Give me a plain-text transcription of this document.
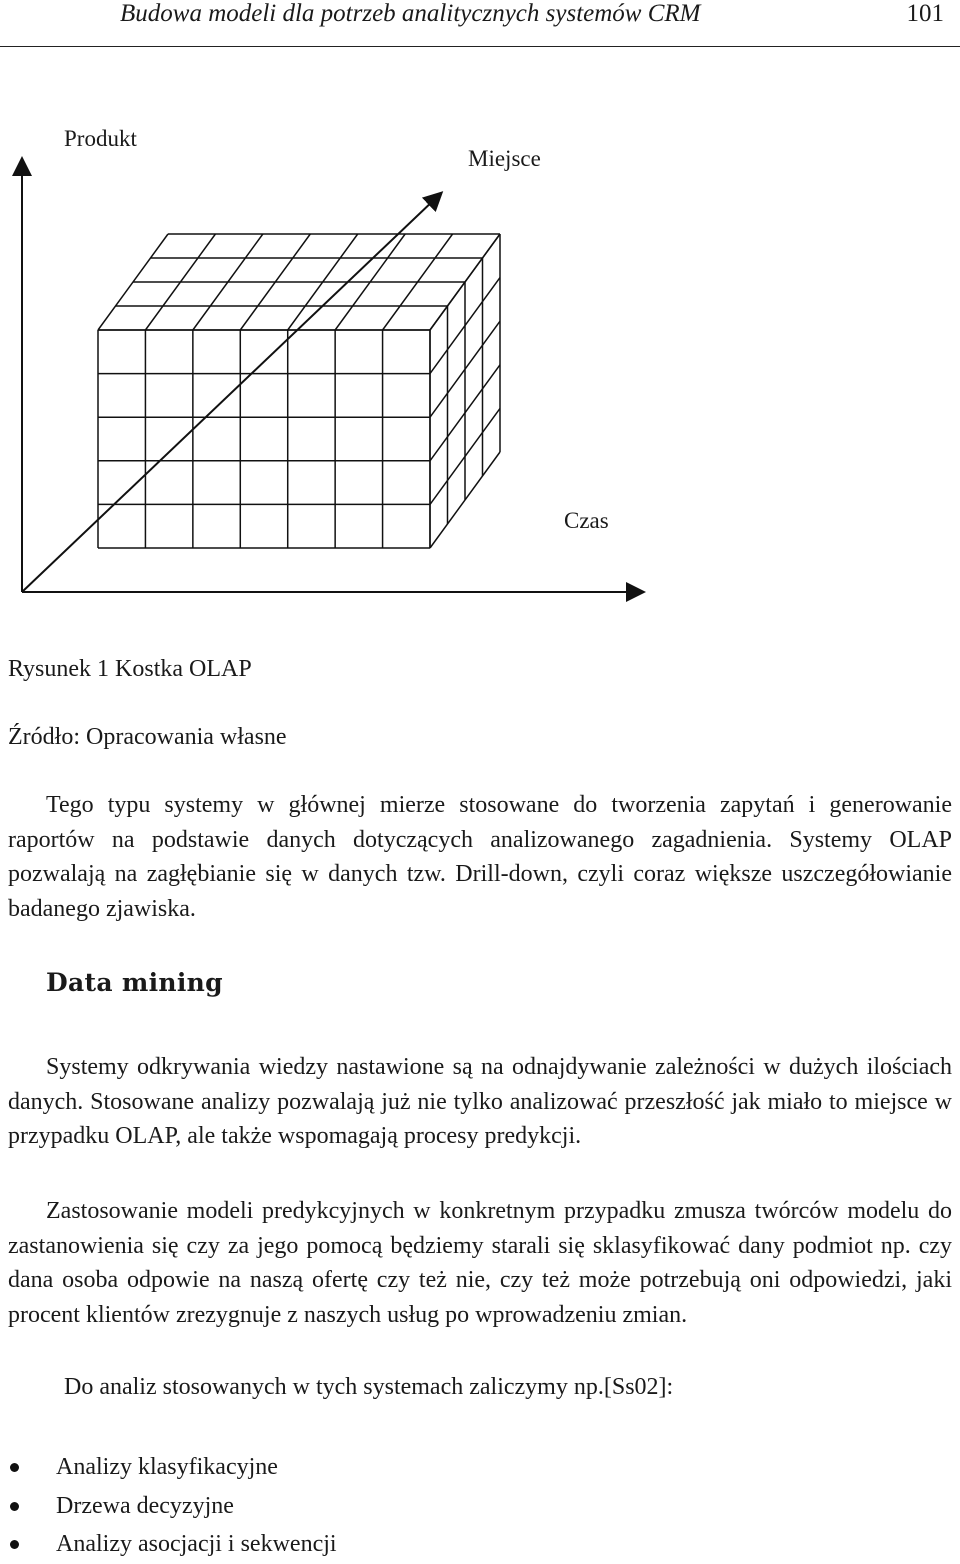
Budowa modeli dla potrzeb analitycznych systemów CRM	101
Produkt
Miejsce
Czas
Rysunek 1 Kostka OLAP
Źródło: Opracowania własne

Tego typu systemy w głównej mierze stosowane do tworzenia zapytań i generowanie raportów na podstawie danych dotyczących analizowanego zagadnienia. Systemy OLAP pozwalają na zagłębianie się w danych tzw. Drill-down, czyli coraz większe uszczegółowianie badanego zjawiska.

Data mining

Systemy odkrywania wiedzy nastawione są na odnajdywanie zależności w dużych ilościach danych. Stosowane analizy pozwalają już nie tylko analizować przeszłość jak miało to miejsce w przypadku OLAP, ale także wspomagają procesy predykcji.

Zastosowanie modeli predykcyjnych w konkretnym przypadku zmusza twórców modelu do zastanowienia się czy za jego pomocą będziemy starali się sklasyfikować dany podmiot np. czy dana osoba odpowie na naszą ofertę czy też nie, czy też może potrzebują oni odpowiedzi, jaki procent klientów zrezygnuje z naszych usług po wprowadzeniu zmian.

Do analiz stosowanych w tych systemach zaliczymy np.[Ss02]:

Analizy klasyfikacyjne
Drzewa decyzyjne
Analizy asocjacji i sekwencji
